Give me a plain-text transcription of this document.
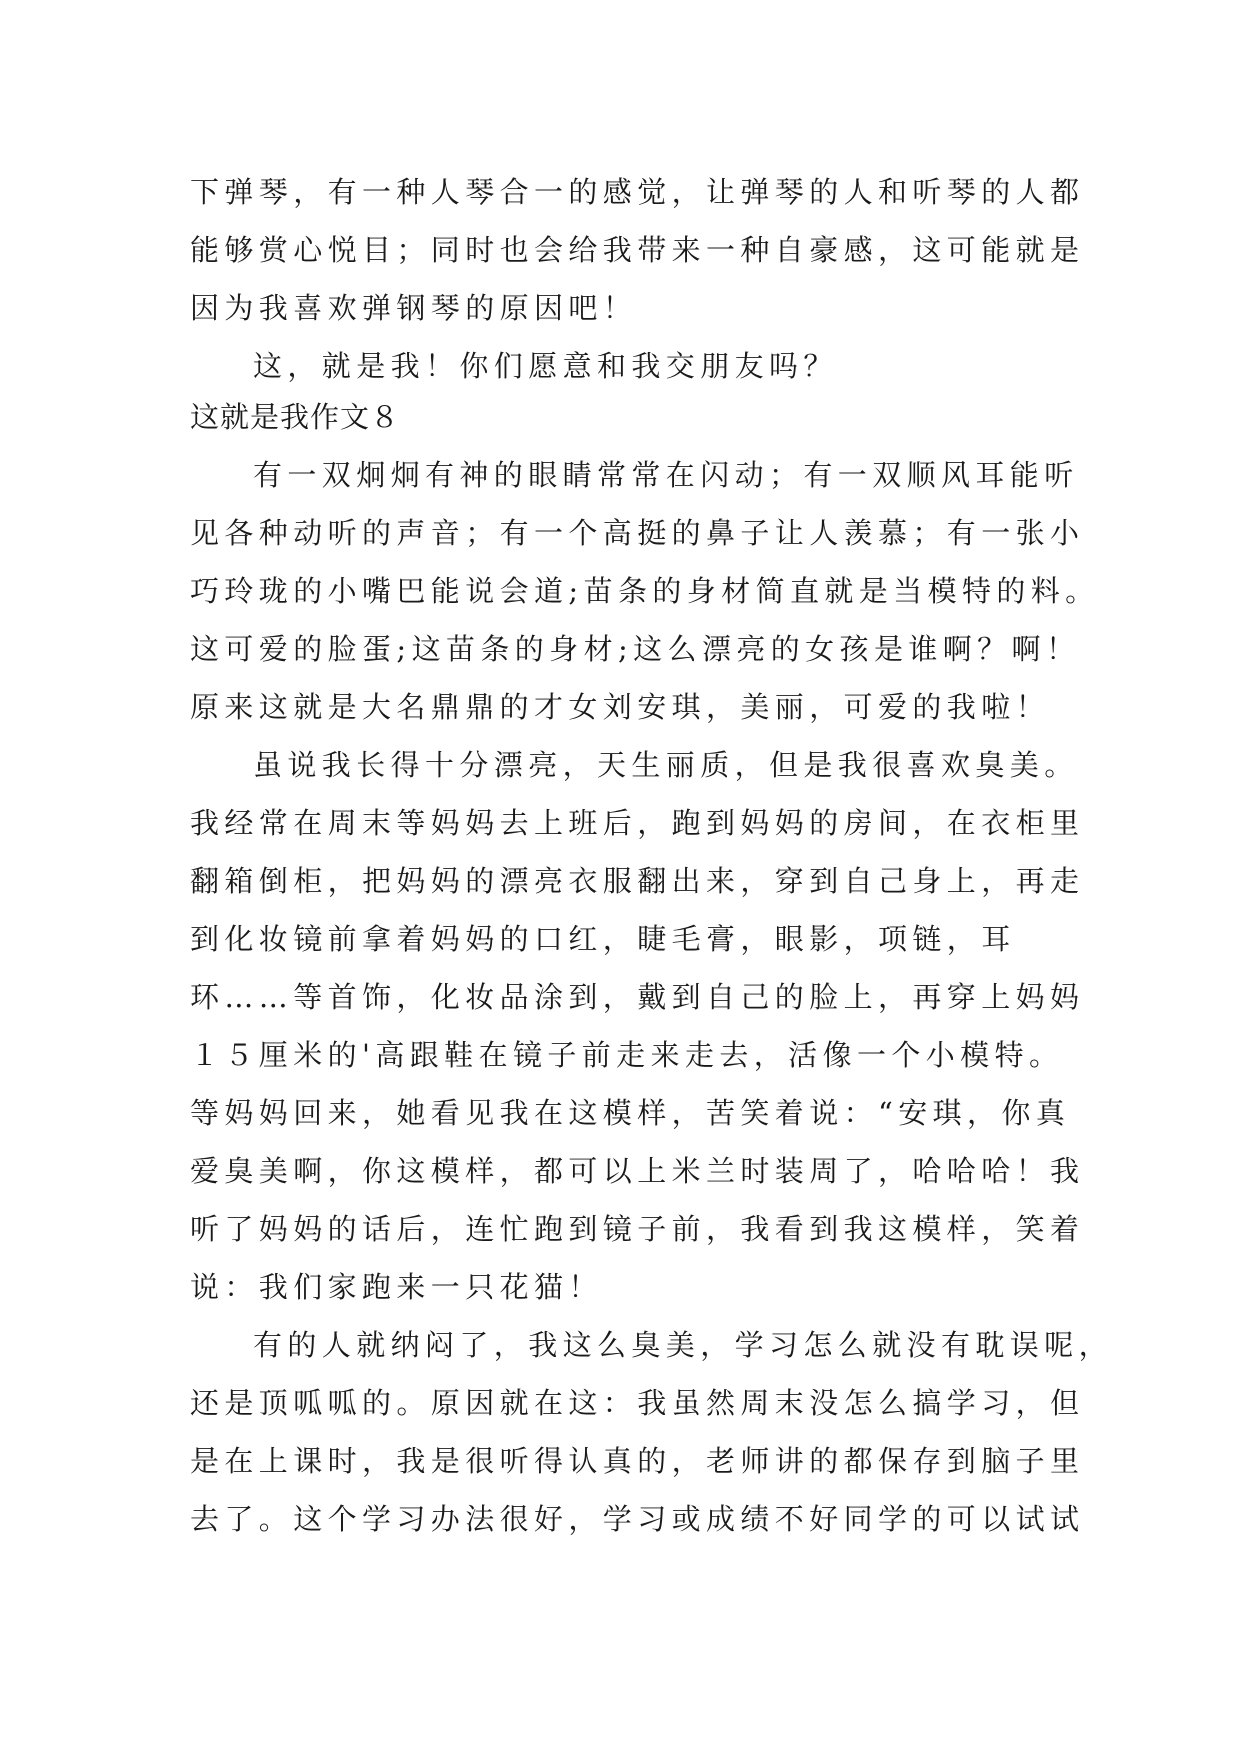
下弹琴，有一种人琴合一的感觉，让弹琴的人和听琴的人都
能够赏心悦目；同时也会给我带来一种自豪感，这可能就是
因为我喜欢弹钢琴的原因吧！
这，就是我！你们愿意和我交朋友吗？
这就是我作文８
有一双炯炯有神的眼睛常常在闪动；有一双顺风耳能听
见各种动听的声音；有一个高挺的鼻子让人羡慕；有一张小
巧玲珑的小嘴巴能说会道;苗条的身材简直就是当模特的料。
这可爱的脸蛋;这苗条的身材;这么漂亮的女孩是谁啊？啊！
原来这就是大名鼎鼎的才女刘安琪，美丽，可爱的我啦！
虽说我长得十分漂亮，天生丽质，但是我很喜欢臭美。
我经常在周末等妈妈去上班后，跑到妈妈的房间，在衣柜里
翻箱倒柜，把妈妈的漂亮衣服翻出来，穿到自己身上，再走
到化妆镜前拿着妈妈的口红，睫毛膏，眼影，项链，耳
环……等首饰，化妆品涂到，戴到自己的脸上，再穿上妈妈
１５厘米的'高跟鞋在镜子前走来走去，活像一个小模特。
等妈妈回来，她看见我在这模样，苦笑着说：“安琪，你真
爱臭美啊，你这模样，都可以上米兰时装周了，哈哈哈！我
听了妈妈的话后，连忙跑到镜子前，我看到我这模样，笑着
说：我们家跑来一只花猫！
有的人就纳闷了，我这么臭美，学习怎么就没有耽误呢，
还是顶呱呱的。原因就在这：我虽然周末没怎么搞学习，但
是在上课时，我是很听得认真的，老师讲的都保存到脑子里
去了。这个学习办法很好，学习或成绩不好同学的可以试试
